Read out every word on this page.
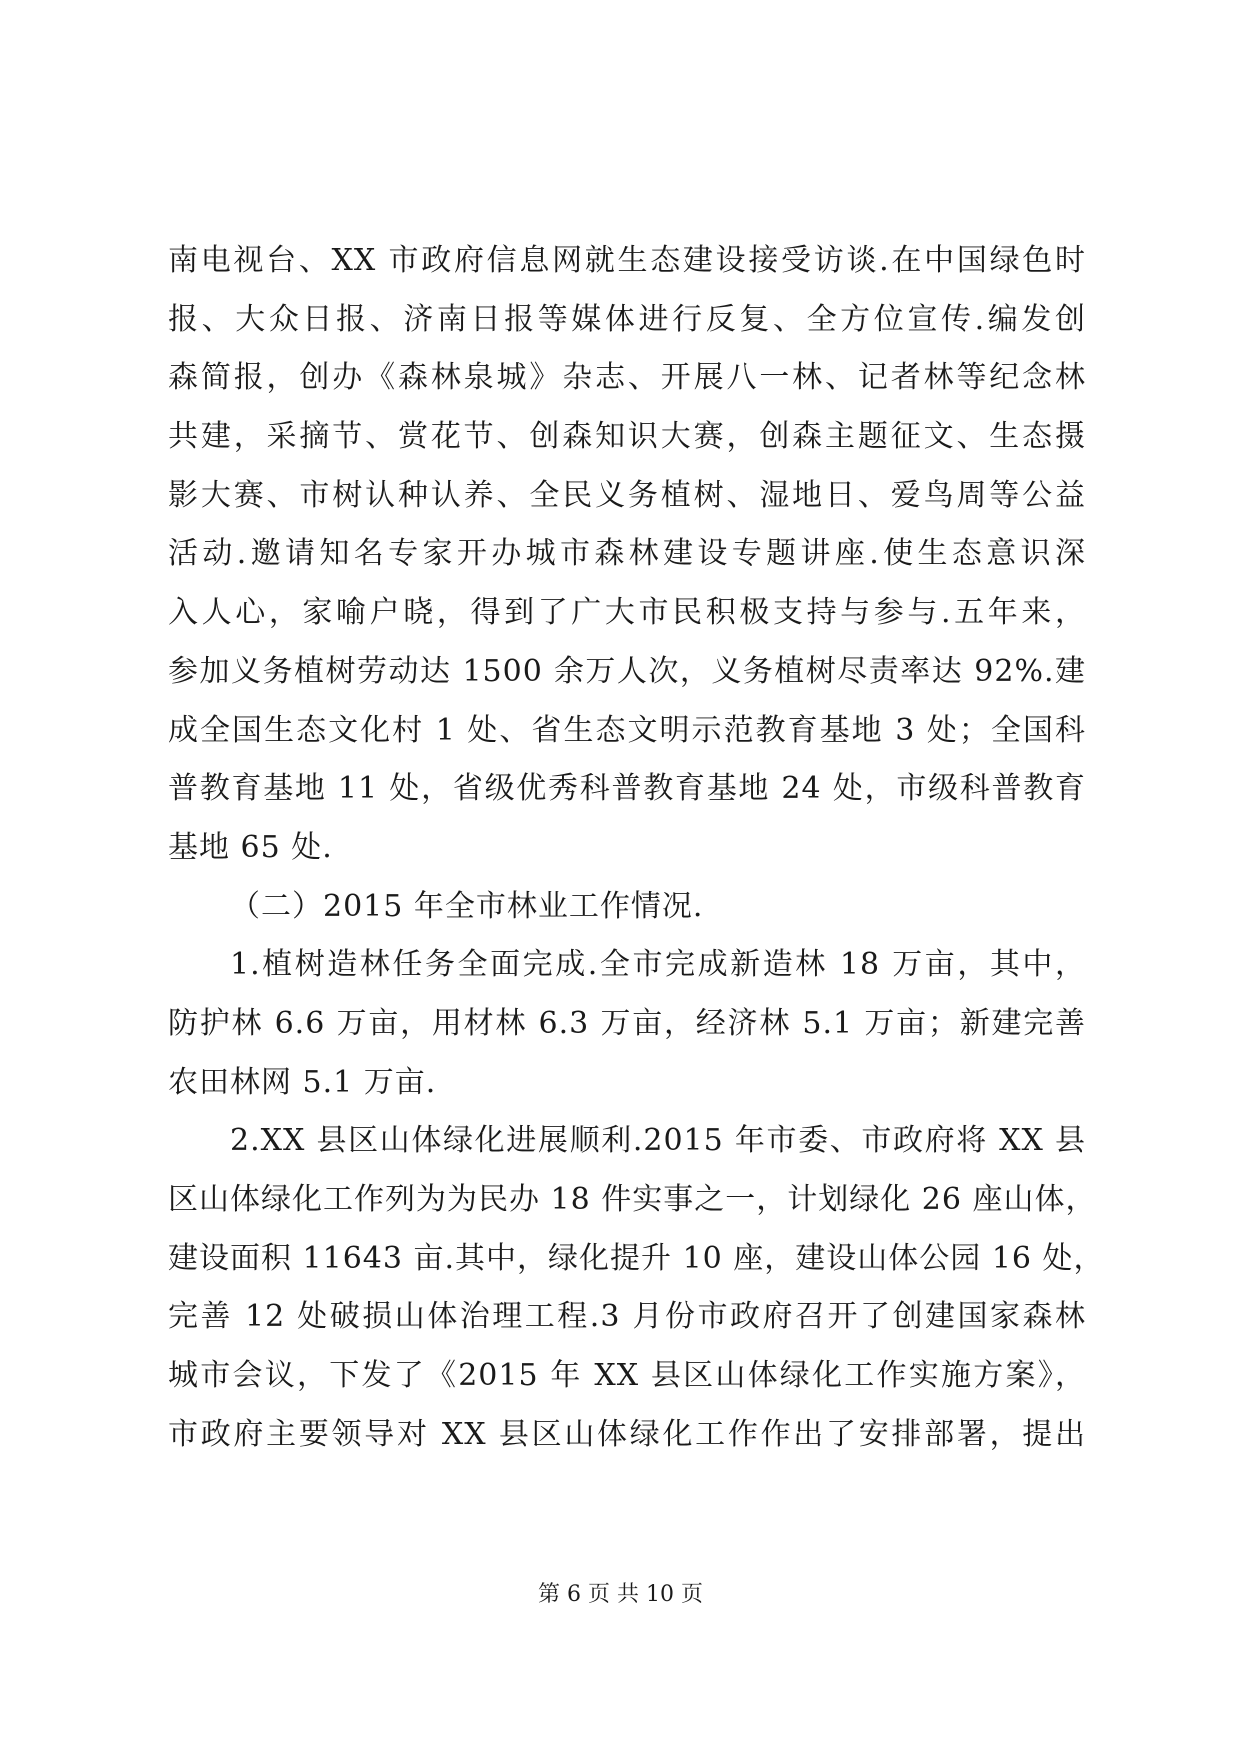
南电视台、XX 市政府信息网就生态建设接受访谈.在中国绿色时
报、大众日报、济南日报等媒体进行反复、全方位宣传.编发创
森简报，创办《森林泉城》杂志、开展八一林、记者林等纪念林
共建，采摘节、赏花节、创森知识大赛，创森主题征文、生态摄
影大赛、市树认种认养、全民义务植树、湿地日、爱鸟周等公益
活动.邀请知名专家开办城市森林建设专题讲座.使生态意识深
入人心，家喻户晓，得到了广大市民积极支持与参与.五年来，
参加义务植树劳动达 1500 余万人次，义务植树尽责率达 92%.建
成全国生态文化村 1 处、省生态文明示范教育基地 3 处；全国科
普教育基地 11 处，省级优秀科普教育基地 24 处，市级科普教育
基地 65 处.
（二）2015 年全市林业工作情况.
1.植树造林任务全面完成.全市完成新造林 18 万亩，其中，
防护林 6.6 万亩，用材林 6.3 万亩，经济林 5.1 万亩；新建完善
农田林网 5.1 万亩.
2.XX 县区山体绿化进展顺利.2015 年市委、市政府将 XX 县
区山体绿化工作列为为民办 18 件实事之一，计划绿化 26 座山体，
建设面积 11643 亩.其中，绿化提升 10 座，建设山体公园 16 处，
完善 12 处破损山体治理工程.3 月份市政府召开了创建国家森林
城市会议，下发了《2015 年 XX 县区山体绿化工作实施方案》，
市政府主要领导对 XX 县区山体绿化工作作出了安排部署，提出
第 6 页 共 10 页
